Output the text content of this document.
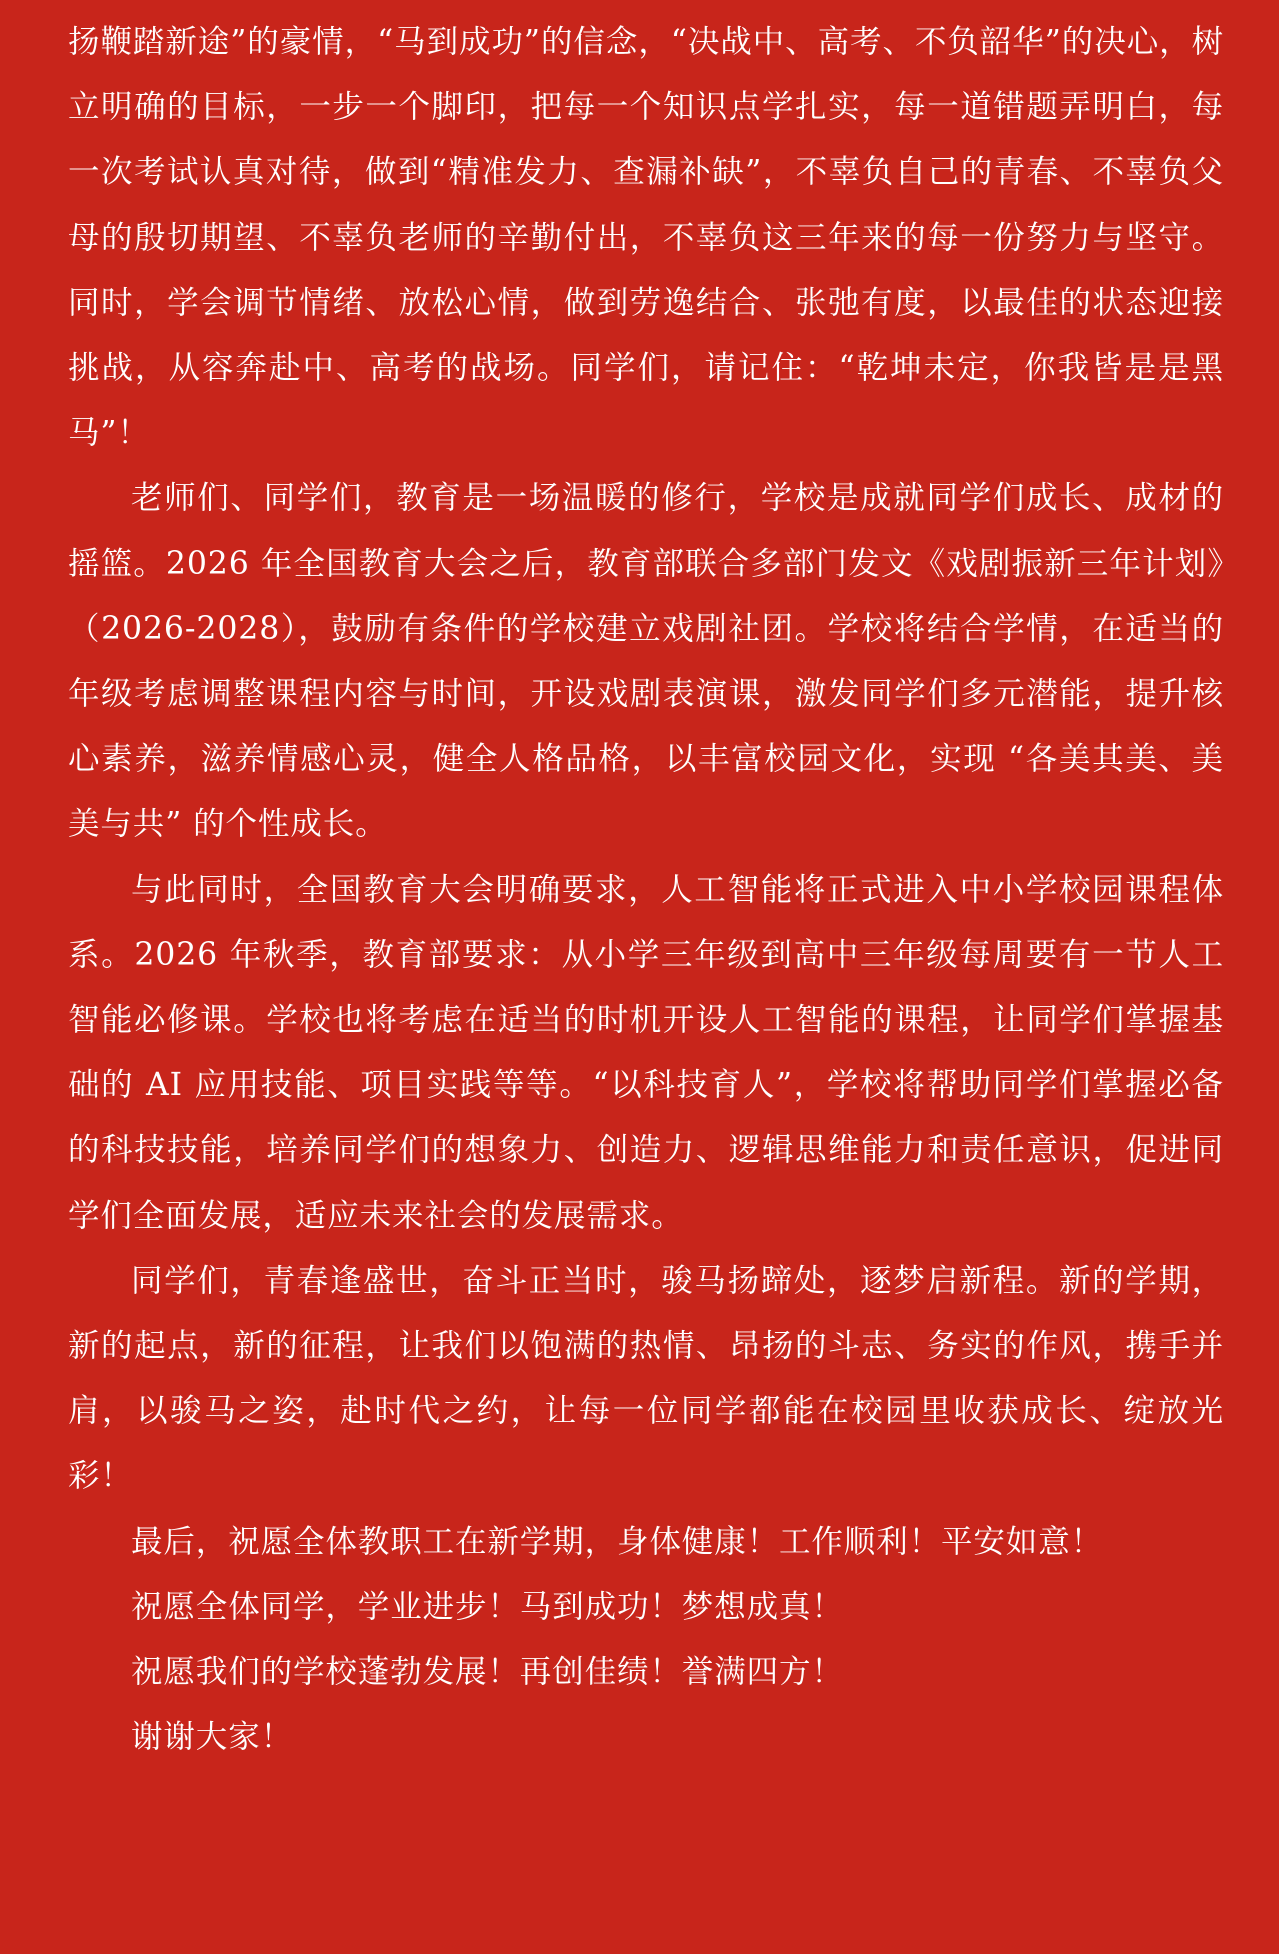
扬鞭踏新途”的豪情，“马到成功”的信念，“决战中、高考、不负韶华”的决心，树立明确的目标，一步一个脚印，把每一个知识点学扎实，每一道错题弄明白，每一次考试认真对待，做到“精准发力、查漏补缺”，不辜负自己的青春、不辜负父母的殷切期望、不辜负老师的辛勤付出，不辜负这三年来的每一份努力与坚守。同时，学会调节情绪、放松心情，做到劳逸结合、张弛有度，以最佳的状态迎接挑战，从容奔赴中、高考的战场。同学们，请记住：“乾坤未定，你我皆是是黑马”！

老师们、同学们，教育是一场温暖的修行，学校是成就同学们成长、成材的摇篮。2026 年全国教育大会之后，教育部联合多部门发文《戏剧振新三年计划》（2026-2028），鼓励有条件的学校建立戏剧社团。学校将结合学情，在适当的年级考虑调整课程内容与时间，开设戏剧表演课，激发同学们多元潜能，提升核心素养，滋养情感心灵，健全人格品格，以丰富校园文化，实现 “各美其美、美美与共” 的个性成长。

与此同时，全国教育大会明确要求，人工智能将正式进入中小学校园课程体系。2026 年秋季，教育部要求：从小学三年级到高中三年级每周要有一节人工智能必修课。学校也将考虑在适当的时机开设人工智能的课程，让同学们掌握基础的 AI 应用技能、项目实践等等。“以科技育人”，学校将帮助同学们掌握必备的科技技能，培养同学们的想象力、创造力、逻辑思维能力和责任意识，促进同学们全面发展，适应未来社会的发展需求。

同学们，青春逢盛世，奋斗正当时，骏马扬蹄处，逐梦启新程。新的学期，新的起点，新的征程，让我们以饱满的热情、昂扬的斗志、务实的作风，携手并肩，以骏马之姿，赴时代之约，让每一位同学都能在校园里收获成长、绽放光彩！

最后，祝愿全体教职工在新学期，身体健康！工作顺利！平安如意！

祝愿全体同学，学业进步！马到成功！梦想成真！

祝愿我们的学校蓬勃发展！再创佳绩！誉满四方！

谢谢大家！
